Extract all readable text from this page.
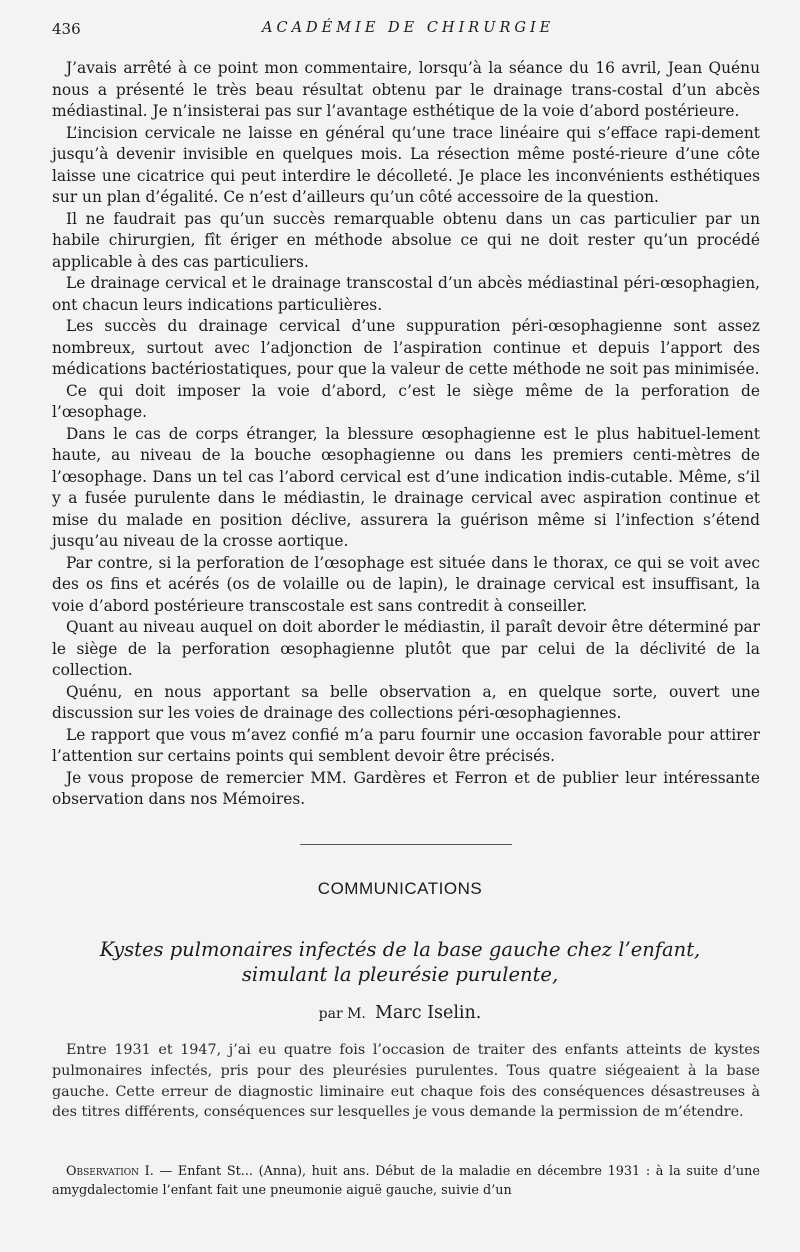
436	ACADÉMIE DE CHIRURGIE

J’avais arrêté à ce point mon commentaire, lorsqu’à la séance du 16 avril, Jean Quénu nous a présenté le très beau résultat obtenu par le drainage trans-costal d’un abcès médiastinal. Je n’insisterai pas sur l’avantage esthétique de la voie d’abord postérieure.

L’incision cervicale ne laisse en général qu’une trace linéaire qui s’efface rapi-dement jusqu’à devenir invisible en quelques mois. La résection même posté-rieure d’une côte laisse une cicatrice qui peut interdire le décolleté. Je place les inconvénients esthétiques sur un plan d’égalité. Ce n’est d’ailleurs qu’un côté accessoire de la question.

Il ne faudrait pas qu’un succès remarquable obtenu dans un cas particulier par un habile chirurgien, fît ériger en méthode absolue ce qui ne doit rester qu’un procédé applicable à des cas particuliers.

Le drainage cervical et le drainage transcostal d’un abcès médiastinal péri-œsophagien, ont chacun leurs indications particulières.

Les succès du drainage cervical d’une suppuration péri-œsophagienne sont assez nombreux, surtout avec l’adjonction de l’aspiration continue et depuis l’apport des médications bactériostatiques, pour que la valeur de cette méthode ne soit pas minimisée.

Ce qui doit imposer la voie d’abord, c’est le siège même de la perforation de l’œsophage.

Dans le cas de corps étranger, la blessure œsophagienne est le plus habituel-lement haute, au niveau de la bouche œsophagienne ou dans les premiers centi-mètres de l’œsophage. Dans un tel cas l’abord cervical est d’une indication indis-cutable. Même, s’il y a fusée purulente dans le médiastin, le drainage cervical avec aspiration continue et mise du malade en position déclive, assurera la guérison même si l’infection s’étend jusqu’au niveau de la crosse aortique.

Par contre, si la perforation de l’œsophage est située dans le thorax, ce qui se voit avec des os fins et acérés (os de volaille ou de lapin), le drainage cervical est insuffisant, la voie d’abord postérieure transcostale est sans contredit à conseiller.

Quant au niveau auquel on doit aborder le médiastin, il paraît devoir être déterminé par le siège de la perforation œsophagienne plutôt que par celui de la déclivité de la collection.

Quénu, en nous apportant sa belle observation a, en quelque sorte, ouvert une discussion sur les voies de drainage des collections péri-œsophagiennes.

Le rapport que vous m’avez confié m’a paru fournir une occasion favorable pour attirer l’attention sur certains points qui semblent devoir être précisés.

Je vous propose de remercier MM. Gardères et Ferron et de publier leur intéressante observation dans nos Mémoires.

COMMUNICATIONS
Kystes pulmonaires infectés de la base gauche chez l’enfant,
simulant la pleurésie purulente,
par M. Marc Iselin.

Entre 1931 et 1947, j’ai eu quatre fois l’occasion de traiter des enfants atteints de kystes pulmonaires infectés, pris pour des pleurésies purulentes. Tous quatre siégeaient à la base gauche. Cette erreur de diagnostic liminaire eut chaque fois des conséquences désastreuses à des titres différents, conséquences sur lesquelles je vous demande la permission de m’étendre.

Observation I. — Enfant St... (Anna), huit ans. Début de la maladie en décembre 1931 : à la suite d’une amygdalectomie l’enfant fait une pneumonie aiguë gauche, suivie d’un
